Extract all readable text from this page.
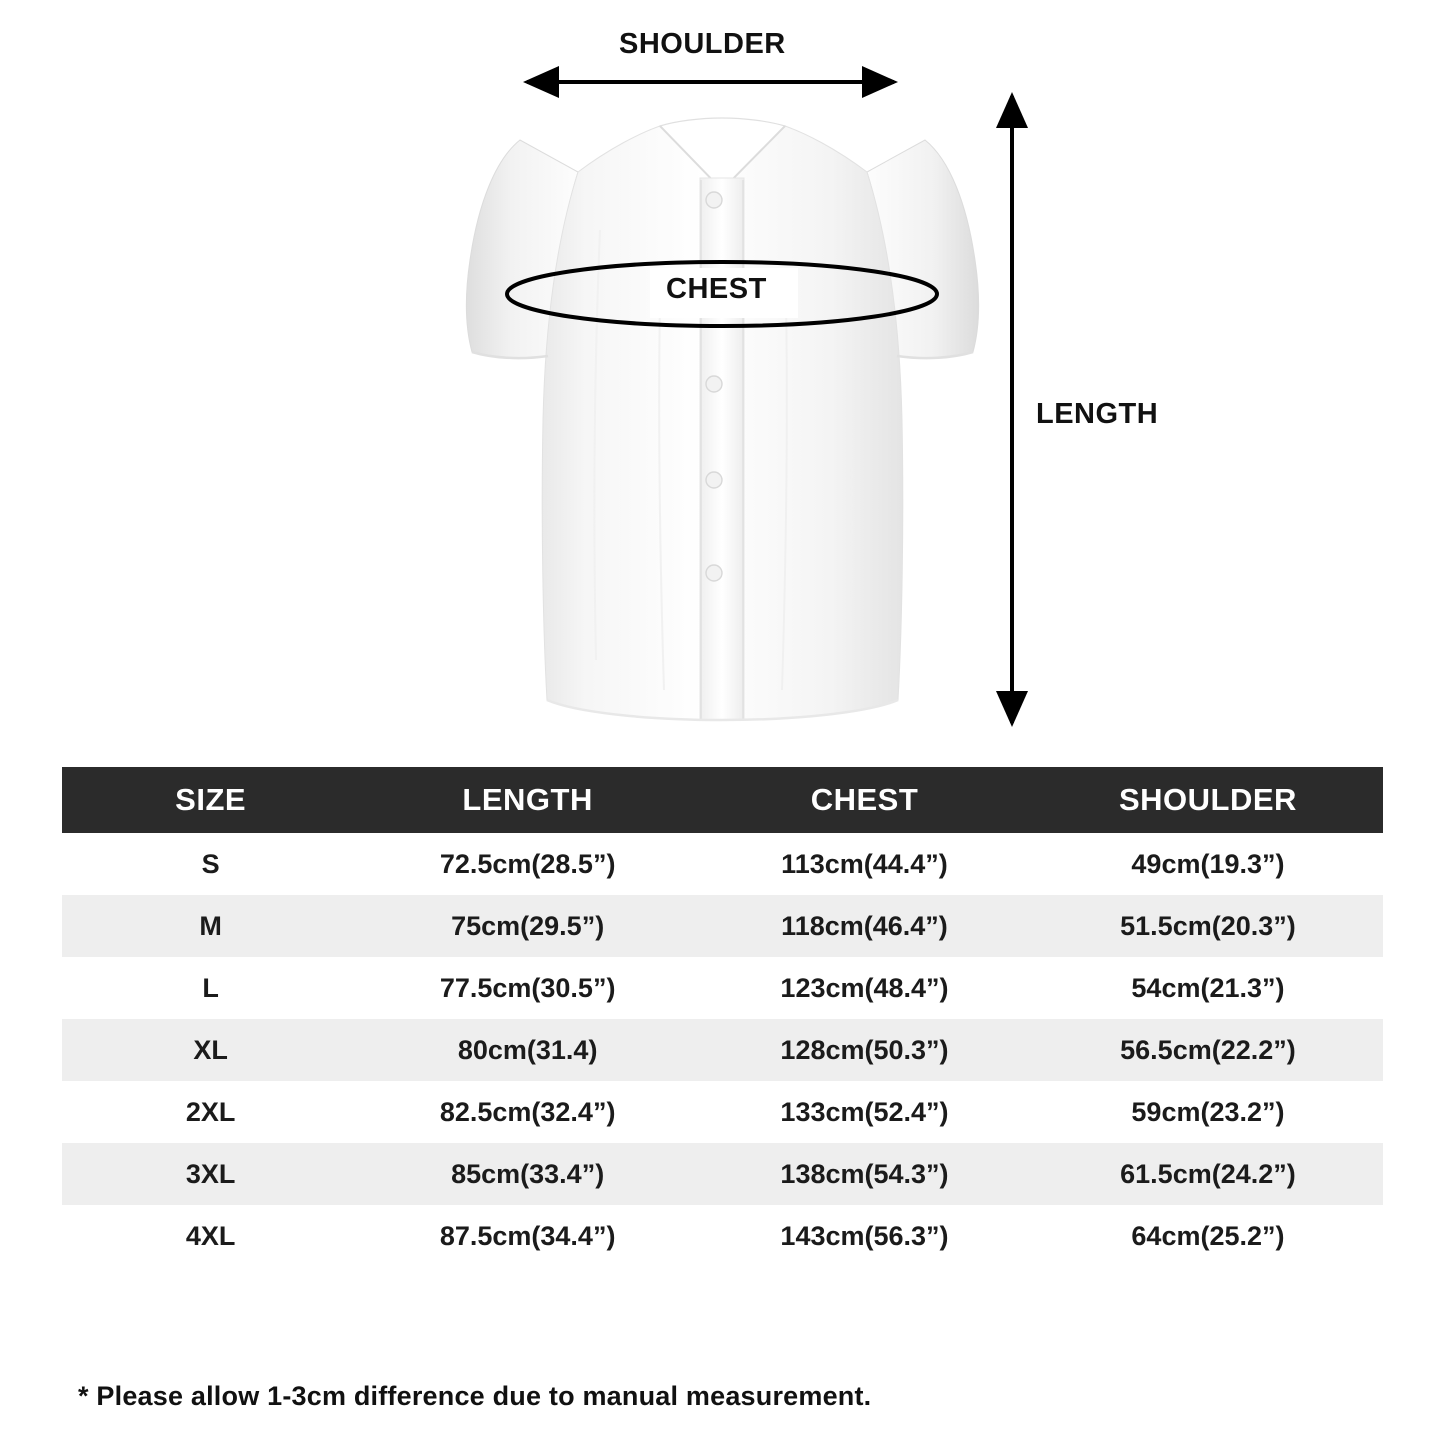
SHOULDER
LENGTH
CHEST
SIZE	LENGTH	CHEST	SHOULDER
S	72.5cm(28.5”)	113cm(44.4”)	49cm(19.3”)
M	75cm(29.5”)	118cm(46.4”)	51.5cm(20.3”)
L	77.5cm(30.5”)	123cm(48.4”)	54cm(21.3”)
XL	80cm(31.4)	128cm(50.3”)	56.5cm(22.2”)
2XL	82.5cm(32.4”)	133cm(52.4”)	59cm(23.2”)
3XL	85cm(33.4”)	138cm(54.3”)	61.5cm(24.2”)
4XL	87.5cm(34.4”)	143cm(56.3”)	64cm(25.2”)
* Please allow 1-3cm difference due to manual measurement.
